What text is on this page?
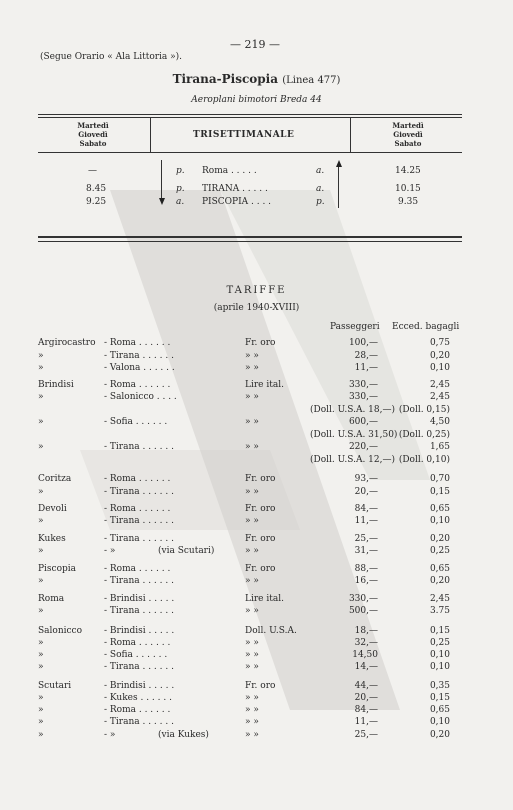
— 219 —
(Segue Orario « Ala Littoria »).
Tirana-Piscopia (Linea 477)
Aeroplani bimotori Breda 44
Martedì
Giovedì
Sabato
TRISETTIMANALE
Martedì
Giovedì
Sabato
—	p. Roma . . . . .	a.	14.25
8.45	p. TIRANA . . . . .	a.	10.15
9.25	a. PISCOPIA . . . .	p.	9.35
TARIFFE
(aprile 1940-XVIII)
Passeggeri Ecced. bagagli
Argirocastro - Roma . . . . . .	Fr. oro	100,—	0,75
»	- Tirana . . . . . .	» »	28,—	0,20
»	- Valona . . . . . .	» »	11,—	0,10
Brindisi	- Roma . . . . . .	Lire ital.	330,—	2,45
»	- Salonicco . . . .	» »	330,—	2,45
(Doll. U.S.A. 18,—) (Doll. 0,15)
»	- Sofia . . . . . .	» »	600,—	4,50
(Doll. U.S.A. 31,50) (Doll. 0,25)
»	- Tirana . . . . . .	» »	220,—	1,65
(Doll. U.S.A. 12,—) (Doll. 0,10)
Coritza	- Roma . . . . . .	Fr. oro	93,—	0,70
»	- Tirana . . . . . .	» »	20,—	0,15
Devoli	- Roma . . . . . .	Fr. oro	84,—	0,65
»	- Tirana . . . . . .	» »	11,—	0,10
Kukes	- Tirana . . . . . .	Fr. oro	25,—	0,20
»	- »	(via Scutari)	» »	31,—	0,25
Piscopia	- Roma . . . . . .	Fr. oro	88,—	0,65
»	- Tirana . . . . . .	» »	16,—	0,20
Roma	- Brindisi . . . . .	Lire ital.	330,—	2,45
»	- Tirana . . . . . .	» »	500,—	3.75
Salonicco - Brindisi . . . . .	Doll. U.S.A.	18,—	0,15
»	- Roma . . . . . .	» »	32,—	0,25
»	- Sofia . . . . . .	» »	14,50	0,10
»	- Tirana . . . . . .	» »	14,—	0,10
Scutari	- Brindisi . . . . .	Fr. oro	44,—	0,35
»	- Kukes . . . . . .	» »	20,—	0,15
»	- Roma . . . . . .	» »	84,—	0,65
»	- Tirana . . . . . .	» »	11,—	0,10
»	- »	(via Kukes)	» »	25,—	0,20
